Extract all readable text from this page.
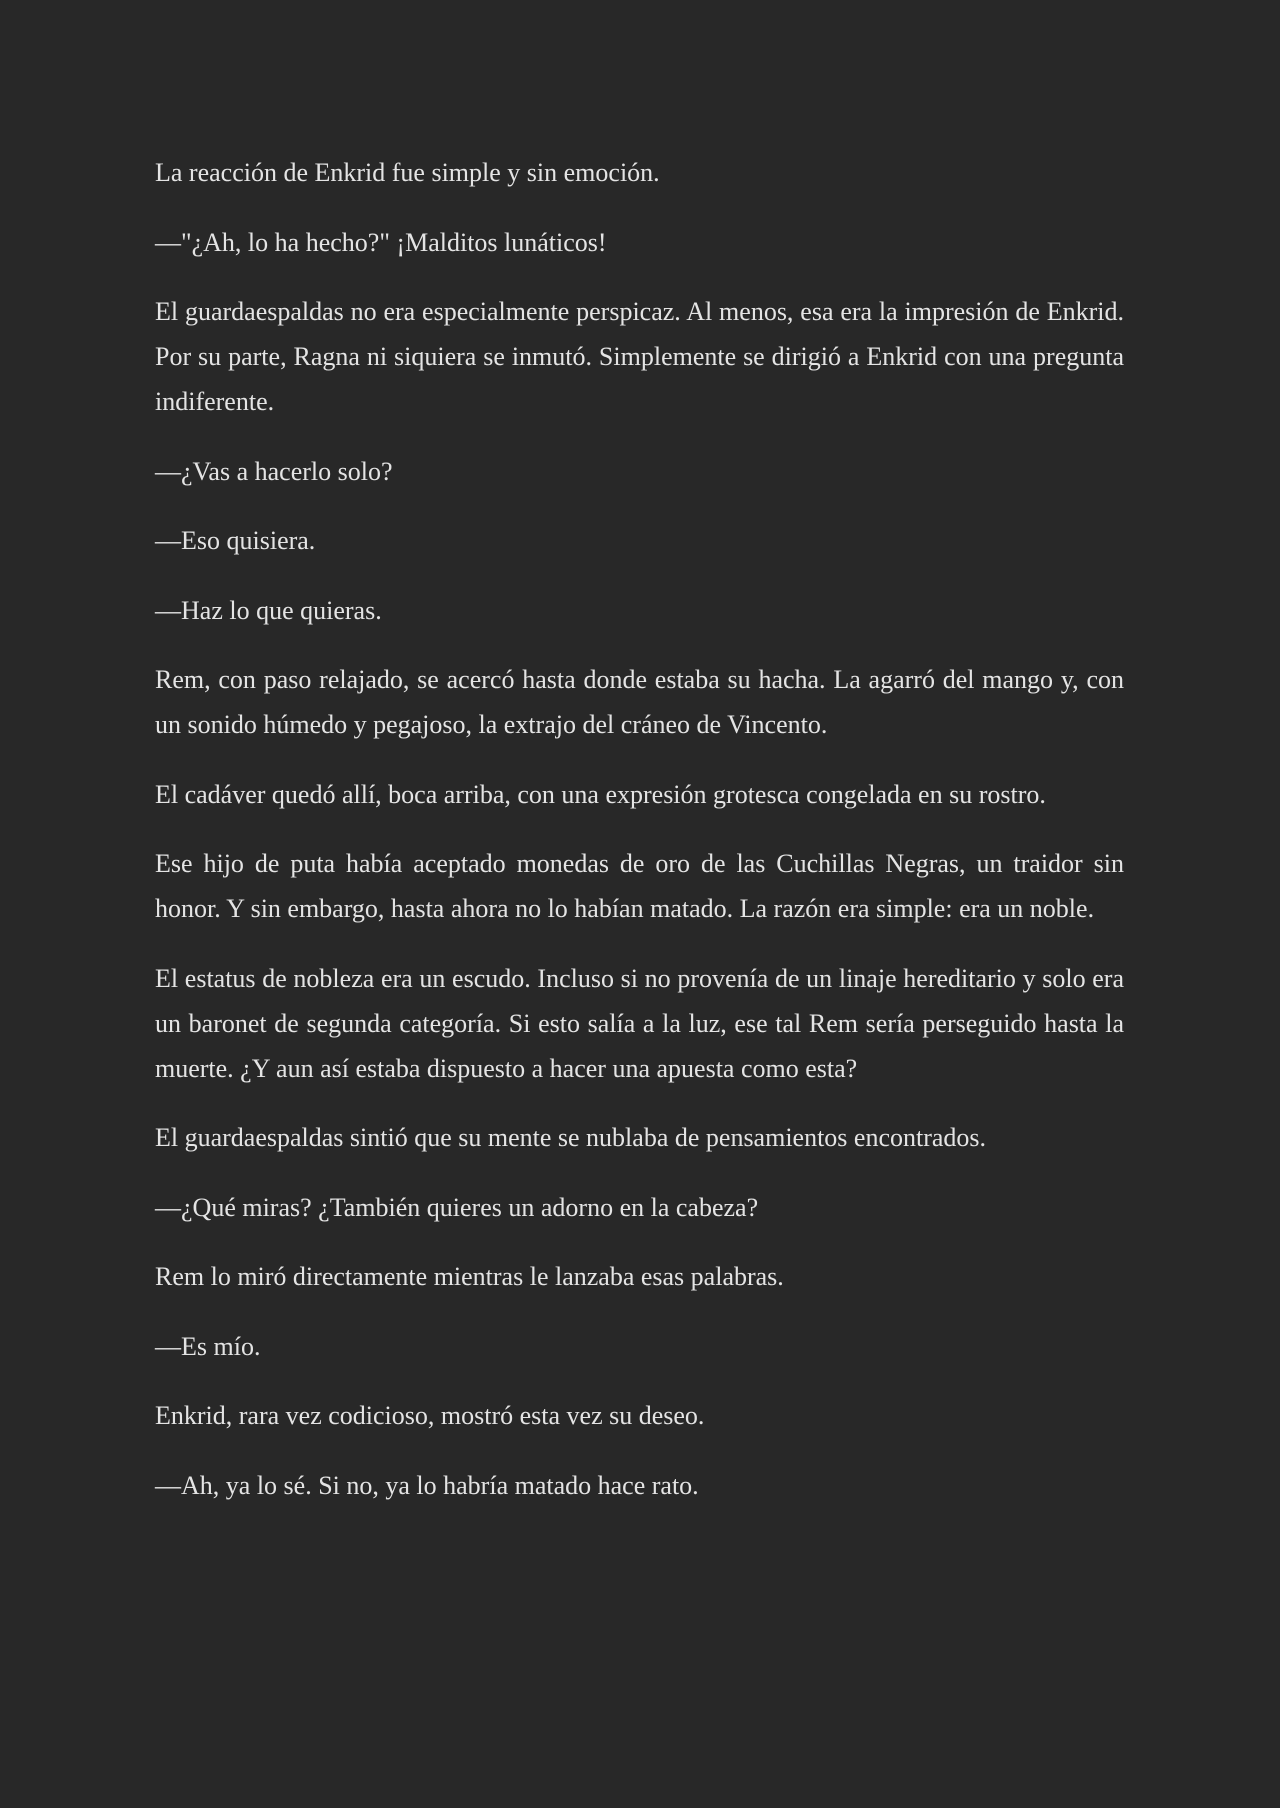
La reacción de Enkrid fue simple y sin emoción.

—"¿Ah, lo ha hecho?" ¡Malditos lunáticos!

El guardaespaldas no era especialmente perspicaz. Al menos, esa era la impresión de Enkrid. Por su parte, Ragna ni siquiera se inmutó. Simplemente se dirigió a Enkrid con una pregunta indiferente.

—¿Vas a hacerlo solo?

—Eso quisiera.

—Haz lo que quieras.

Rem, con paso relajado, se acercó hasta donde estaba su hacha. La agarró del mango y, con un sonido húmedo y pegajoso, la extrajo del cráneo de Vincento.

El cadáver quedó allí, boca arriba, con una expresión grotesca congelada en su rostro.

Ese hijo de puta había aceptado monedas de oro de las Cuchillas Negras, un traidor sin honor. Y sin embargo, hasta ahora no lo habían matado. La razón era simple: era un noble.

El estatus de nobleza era un escudo. Incluso si no provenía de un linaje hereditario y solo era un baronet de segunda categoría. Si esto salía a la luz, ese tal Rem sería perseguido hasta la muerte. ¿Y aun así estaba dispuesto a hacer una apuesta como esta?

El guardaespaldas sintió que su mente se nublaba de pensamientos encontrados.

—¿Qué miras? ¿También quieres un adorno en la cabeza?

Rem lo miró directamente mientras le lanzaba esas palabras.

—Es mío.

Enkrid, rara vez codicioso, mostró esta vez su deseo.

—Ah, ya lo sé. Si no, ya lo habría matado hace rato.
